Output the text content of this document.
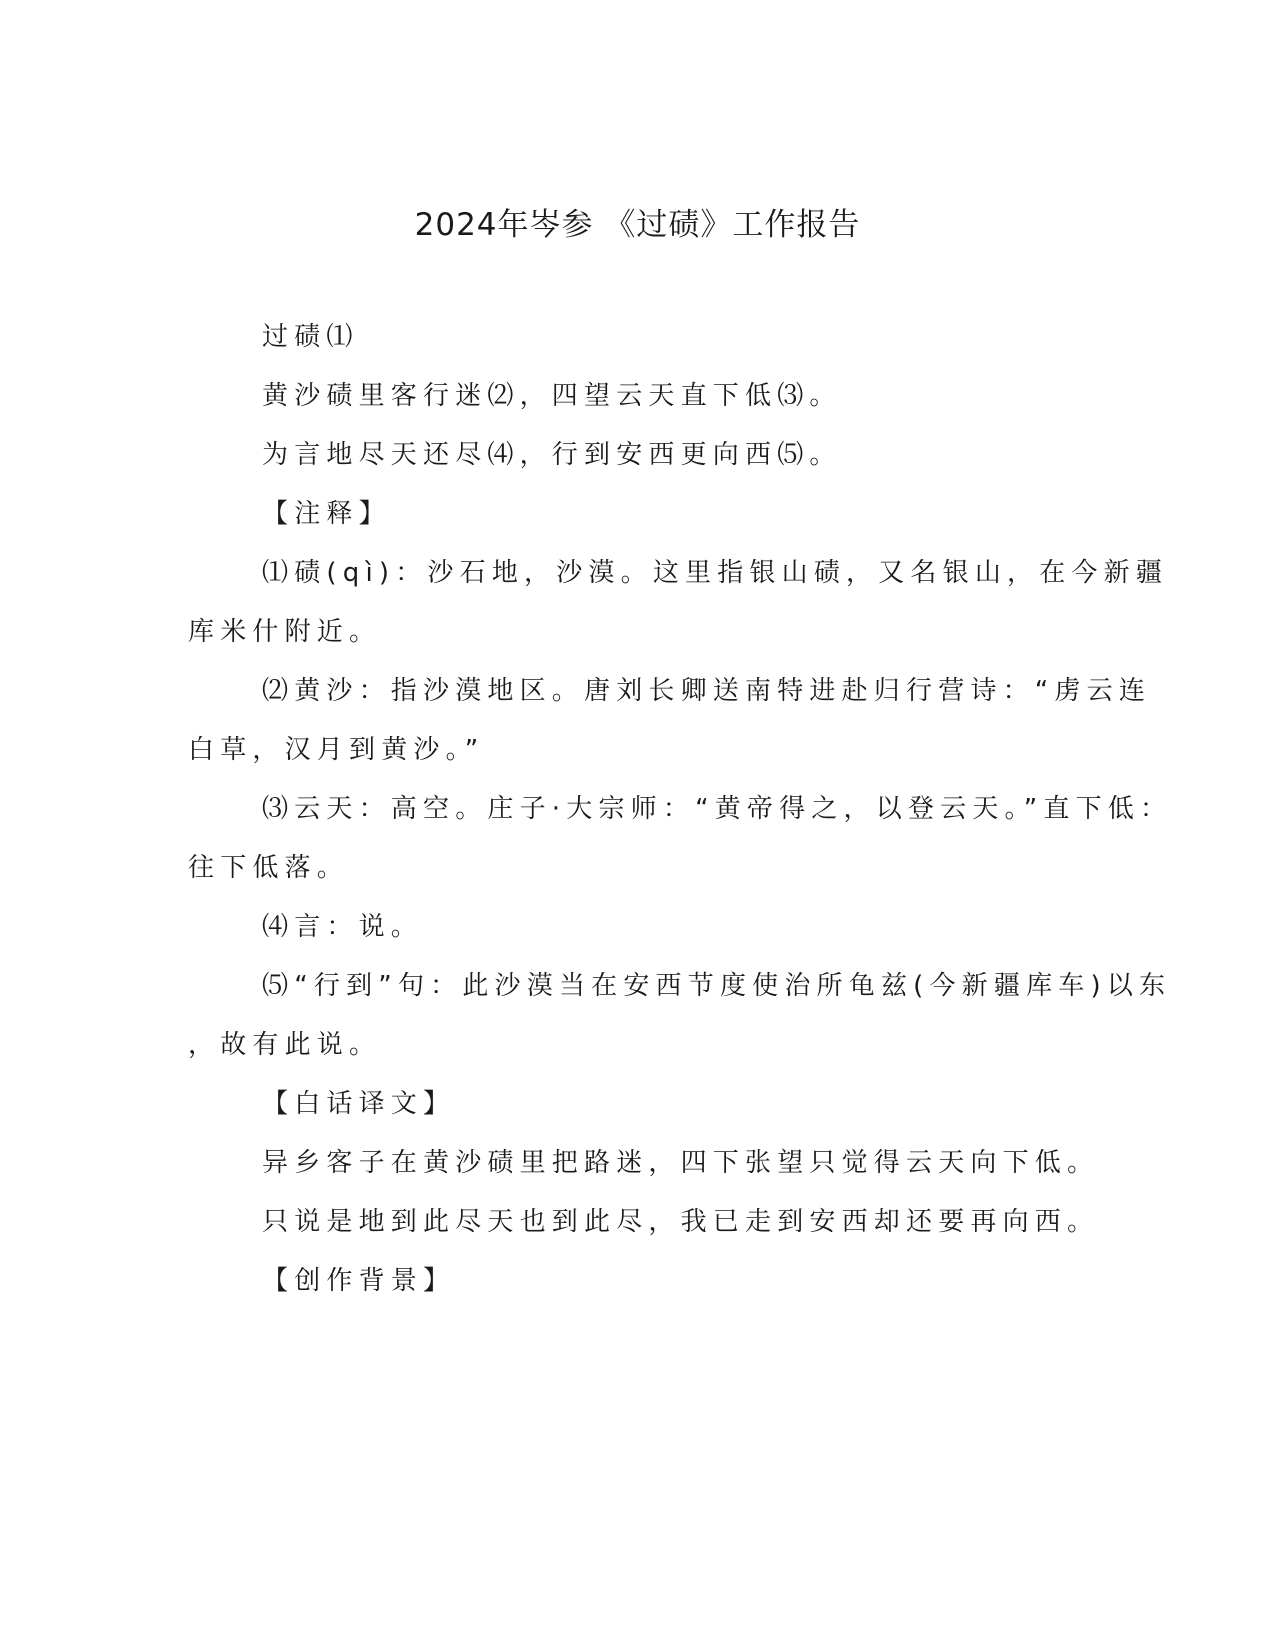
2024年岑参 《过碛》工作报告
过碛⑴
黄沙碛里客行迷⑵，四望云天直下低⑶。
为言地尽天还尽⑷，行到安西更向西⑸。
【注释】
⑴碛(qì)：沙石地，沙漠。这里指银山碛，又名银山，在今新疆
库米什附近。
⑵黄沙：指沙漠地区。唐刘长卿送南特进赴归行营诗：“虏云连
白草，汉月到黄沙。”
⑶云天：高空。庄子·大宗师：“黄帝得之，以登云天。”直下低：
往下低落。
⑷言：说。
⑸“行到”句：此沙漠当在安西节度使治所龟兹(今新疆库车)以东
，故有此说。
【白话译文】
异乡客子在黄沙碛里把路迷，四下张望只觉得云天向下低。
只说是地到此尽天也到此尽，我已走到安西却还要再向西。
【创作背景】
